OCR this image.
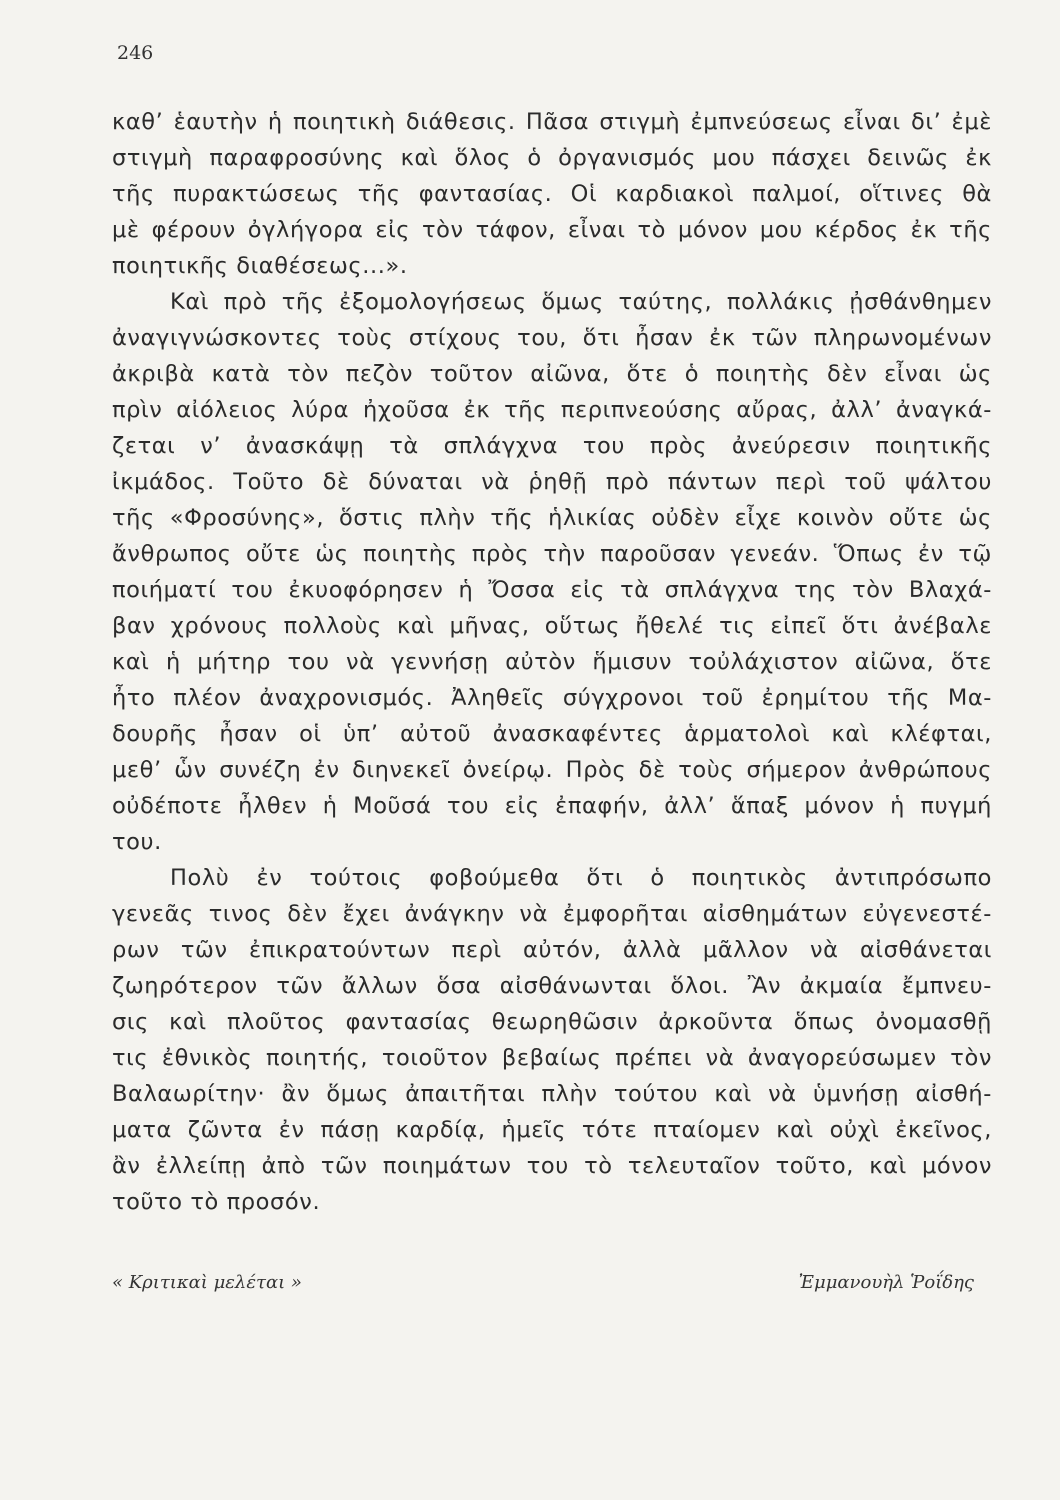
246
καθ’ ἑαυτὴν ἡ ποιητικὴ διάθεσις. Πᾶσα στιγμὴ ἐμπνεύσεως εἶναι δι’ ἐμὲ
στιγμὴ παραφροσύνης καὶ ὅλος ὁ ὀργανισμός μου πάσχει δεινῶς ἐκ
τῆς πυρακτώσεως τῆς φαντασίας. Οἱ καρδιακοὶ παλμοί, οἵτινες θὰ
μὲ φέρουν ὀγλήγορα εἰς τὸν τάφον, εἶναι τὸ μόνον μου κέρδος ἐκ τῆς
ποιητικῆς διαθέσεως...».
Καὶ πρὸ τῆς ἐξομολογήσεως ὅμως ταύτης, πολλάκις ᾐσθάνθημεν
ἀναγιγνώσκοντες τοὺς στίχους του, ὅτι ἦσαν ἐκ τῶν πληρωνομένων
ἀκριβὰ κατὰ τὸν πεζὸν τοῦτον αἰῶνα, ὅτε ὁ ποιητὴς δὲν εἶναι ὡς
πρὶν αἰόλειος λύρα ἠχοῦσα ἐκ τῆς περιπνεούσης αὔρας, ἀλλ’ ἀναγκά-
ζεται ν’ ἀνασκάψῃ τὰ σπλάγχνα του πρὸς ἀνεύρεσιν ποιητικῆς
ἰκμάδος. Τοῦτο δὲ δύναται νὰ ῥηθῇ πρὸ πάντων περὶ τοῦ ψάλτου
τῆς «Φροσύνης», ὅστις πλὴν τῆς ἡλικίας οὐδὲν εἶχε κοινὸν οὔτε ὡς
ἄνθρωπος οὔτε ὡς ποιητὴς πρὸς τὴν παροῦσαν γενεάν. Ὅπως ἐν τῷ
ποιήματί του ἐκυοφόρησεν ἡ Ὄσσα εἰς τὰ σπλάγχνα της τὸν Βλαχά-
βαν χρόνους πολλοὺς καὶ μῆνας, οὕτως ἤθελέ τις εἰπεῖ ὅτι ἀνέβαλε
καὶ ἡ μήτηρ του νὰ γεννήσῃ αὐτὸν ἥμισυν τοὐλάχιστον αἰῶνα, ὅτε
ἦτο πλέον ἀναχρονισμός. Ἀληθεῖς σύγχρονοι τοῦ ἐρημίτου τῆς Μα-
δουρῆς ἦσαν οἱ ὑπ’ αὐτοῦ ἀνασκαφέντες ἁρματολοὶ καὶ κλέφται,
μεθ’ ὧν συνέζη ἐν διηνεκεῖ ὀνείρῳ. Πρὸς δὲ τοὺς σήμερον ἀνθρώπους
οὐδέποτε ἦλθεν ἡ Μοῦσά του εἰς ἐπαφήν, ἀλλ’ ἅπαξ μόνον ἡ πυγμή
του.
Πολὺ ἐν τούτοις φοβούμεθα ὅτι ὁ ποιητικὸς ἀντιπρόσωπο
γενεᾶς τινος δὲν ἔχει ἀνάγκην νὰ ἐμφορῆται αἰσθημάτων εὐγενεστέ-
ρων τῶν ἐπικρατούντων περὶ αὐτόν, ἀλλὰ μᾶλλον νὰ αἰσθάνεται
ζωηρότερον τῶν ἄλλων ὅσα αἰσθάνωνται ὅλοι. Ἂν ἀκμαία ἔμπνευ-
σις καὶ πλοῦτος φαντασίας θεωρηθῶσιν ἀρκοῦντα ὅπως ὀνομασθῇ
τις ἐθνικὸς ποιητής, τοιοῦτον βεβαίως πρέπει νὰ ἀναγορεύσωμεν τὸν
Βαλαωρίτην· ἂν ὅμως ἀπαιτῆται πλὴν τούτου καὶ νὰ ὑμνήσῃ αἰσθή-
ματα ζῶντα ἐν πάσῃ καρδίᾳ, ἡμεῖς τότε πταίομεν καὶ οὐχὶ ἐκεῖνος,
ἂν ἐλλείπῃ ἀπὸ τῶν ποιημάτων του τὸ τελευταῖον τοῦτο, καὶ μόνον
τοῦτο τὸ προσόν.
« Κριτικαὶ μελέται »	Ἐμμανουὴλ Ῥοΐδης
